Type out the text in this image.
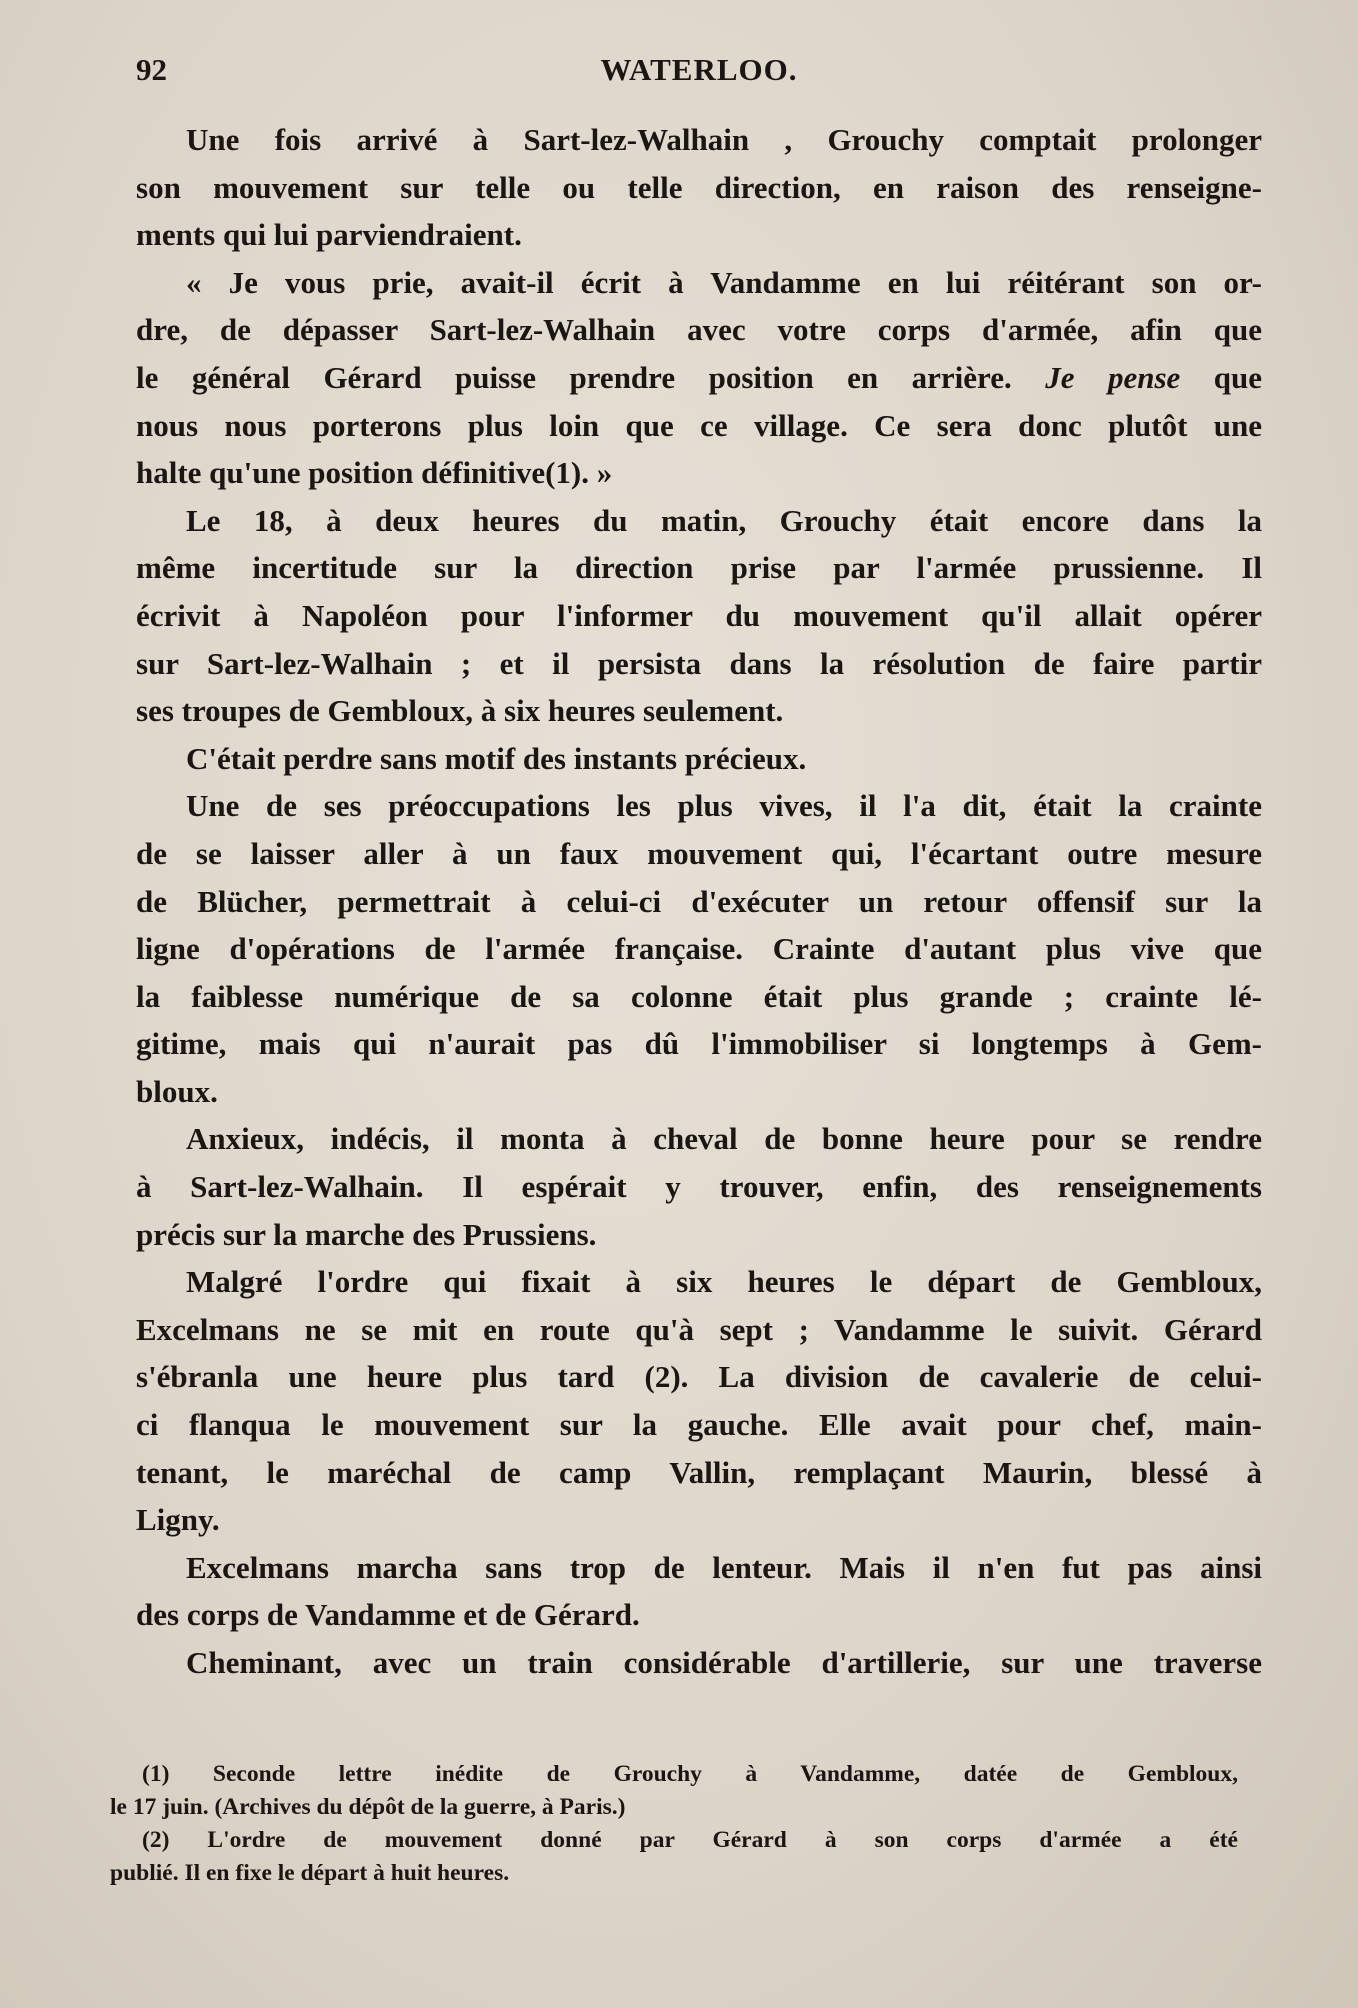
92	WATERLOO.
Une fois arrivé à Sart-lez-Walhain , Grouchy comptait prolonger
son mouvement sur telle ou telle direction, en raison des renseigne-
ments qui lui parviendraient.
« Je vous prie, avait-il écrit à Vandamme en lui réitérant son or-
dre, de dépasser Sart-lez-Walhain avec votre corps d'armée, afin que
le général Gérard puisse prendre position en arrière. Je pense que
nous nous porterons plus loin que ce village. Ce sera donc plutôt une
halte qu'une position définitive(1). »
Le 18, à deux heures du matin, Grouchy était encore dans la
même incertitude sur la direction prise par l'armée prussienne. Il
écrivit à Napoléon pour l'informer du mouvement qu'il allait opérer
sur Sart-lez-Walhain ; et il persista dans la résolution de faire partir
ses troupes de Gembloux, à six heures seulement.
C'était perdre sans motif des instants précieux.
Une de ses préoccupations les plus vives, il l'a dit, était la crainte
de se laisser aller à un faux mouvement qui, l'écartant outre mesure
de Blücher, permettrait à celui-ci d'exécuter un retour offensif sur la
ligne d'opérations de l'armée française. Crainte d'autant plus vive que
la faiblesse numérique de sa colonne était plus grande ; crainte lé-
gitime, mais qui n'aurait pas dû l'immobiliser si longtemps à Gem-
bloux.
Anxieux, indécis, il monta à cheval de bonne heure pour se rendre
à Sart-lez-Walhain. Il espérait y trouver, enfin, des renseignements
précis sur la marche des Prussiens.
Malgré l'ordre qui fixait à six heures le départ de Gembloux,
Excelmans ne se mit en route qu'à sept ; Vandamme le suivit. Gérard
s'ébranla une heure plus tard (2). La division de cavalerie de celui-
ci flanqua le mouvement sur la gauche. Elle avait pour chef, main-
tenant, le maréchal de camp Vallin, remplaçant Maurin, blessé à
Ligny.
Excelmans marcha sans trop de lenteur. Mais il n'en fut pas ainsi
des corps de Vandamme et de Gérard.
Cheminant, avec un train considérable d'artillerie, sur une traverse
(1) Seconde lettre inédite de Grouchy à Vandamme, datée de Gembloux,
le 17 juin. (Archives du dépôt de la guerre, à Paris.)
(2) L'ordre de mouvement donné par Gérard à son corps d'armée a été
publié. Il en fixe le départ à huit heures.
